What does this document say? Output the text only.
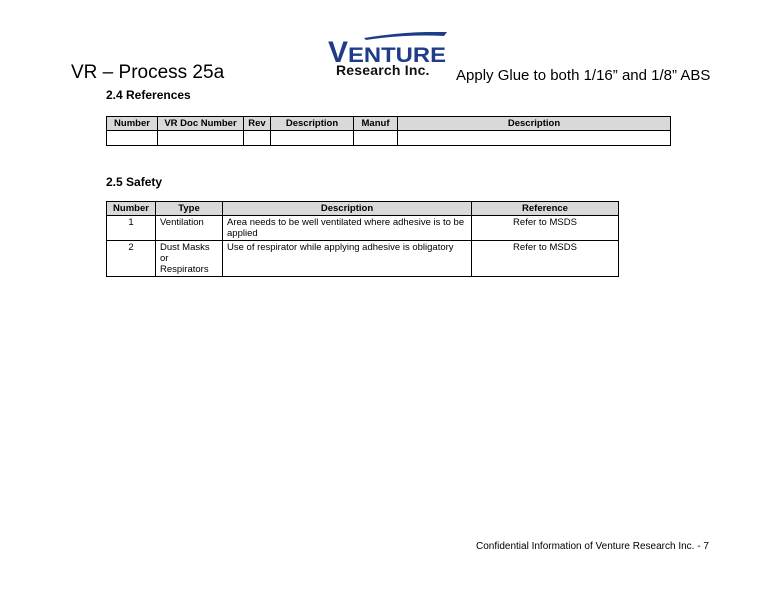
VR – Process 25a
V ENTURE
Research Inc. Apply Glue to both 1/16” and 1/8” ABS
2.4 References
Number	VR Doc Number	Rev	Description	Manuf	Description

2.5 Safety
Number	Type	Description	Reference
1	Ventilation	Area needs to be well ventilated where adhesive is to be applied	Refer to MSDS
2	Dust Masks or Respirators	Use of respirator while applying adhesive is obligatory	Refer to MSDS
Confidential Information of Venture Research Inc. - 7
